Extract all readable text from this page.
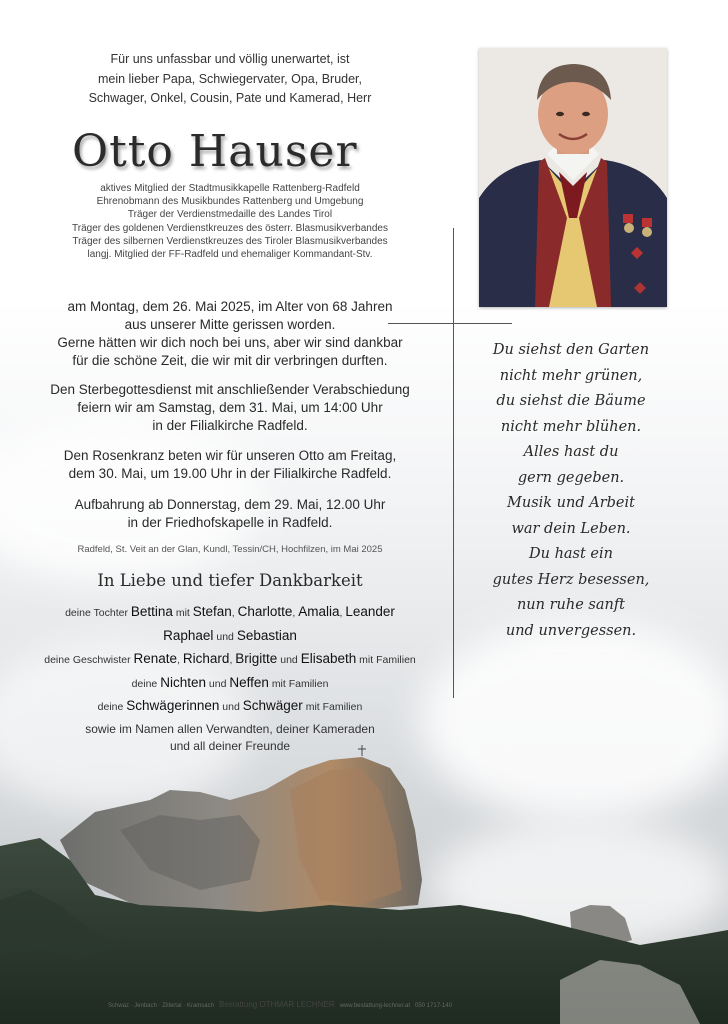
Für uns unfassbar und völlig unerwartet, ist
mein lieber Papa, Schwiegervater, Opa, Bruder,
Schwager, Onkel, Cousin, Pate und Kamerad, Herr
Otto Hauser
aktives Mitglied der Stadtmusikkapelle Rattenberg-Radfeld
Ehrenobmann des Musikbundes Rattenberg und Umgebung
Träger der Verdienstmedaille des Landes Tirol
Träger des goldenen Verdienstkreuzes des österr. Blasmusikverbandes
Träger des silbernen Verdienstkreuzes des Tiroler Blasmusikverbandes
langj. Mitglied der FF-Radfeld und ehemaliger Kommandant-Stv.
am Montag, dem 26. Mai 2025, im Alter von 68 Jahren
aus unserer Mitte gerissen worden.
Gerne hätten wir dich noch bei uns, aber wir sind dankbar
für die schöne Zeit, die wir mit dir verbringen durften.
Den Sterbegottesdienst mit anschließender Verabschiedung
feiern wir am Samstag, dem 31. Mai, um 14:00 Uhr
in der Filialkirche Radfeld.
Den Rosenkranz beten wir für unseren Otto am Freitag,
dem 30. Mai, um 19.00 Uhr in der Filialkirche Radfeld.
Aufbahrung ab Donnerstag, dem 29. Mai, 12.00 Uhr
in der Friedhofskapelle in Radfeld.
Radfeld, St. Veit an der Glan, Kundl, Tessin/CH, Hochfilzen, im Mai 2025
In Liebe und tiefer Dankbarkeit
deine Tochter Bettina mit Stefan, Charlotte, Amalia, Leander
Raphael und Sebastian
deine Geschwister Renate, Richard, Brigitte und Elisabeth mit Familien
deine Nichten und Neffen mit Familien
deine Schwägerinnen und Schwäger mit Familien
sowie im Namen allen Verwandten, deiner Kameraden
und all deiner Freunde
Du siehst den Garten
nicht mehr grünen,
du siehst die Bäume
nicht mehr blühen.
Alles hast du
gern gegeben.
Musik und Arbeit
war dein Leben.
Du hast ein
gutes Herz besessen,
nun ruhe sanft
und unvergessen.
Schwaz · Jenbach · Zillertal · Kramsach Bestattung OTHMAR LECHNER www.bestattung-lechner.at 050 1717-140
